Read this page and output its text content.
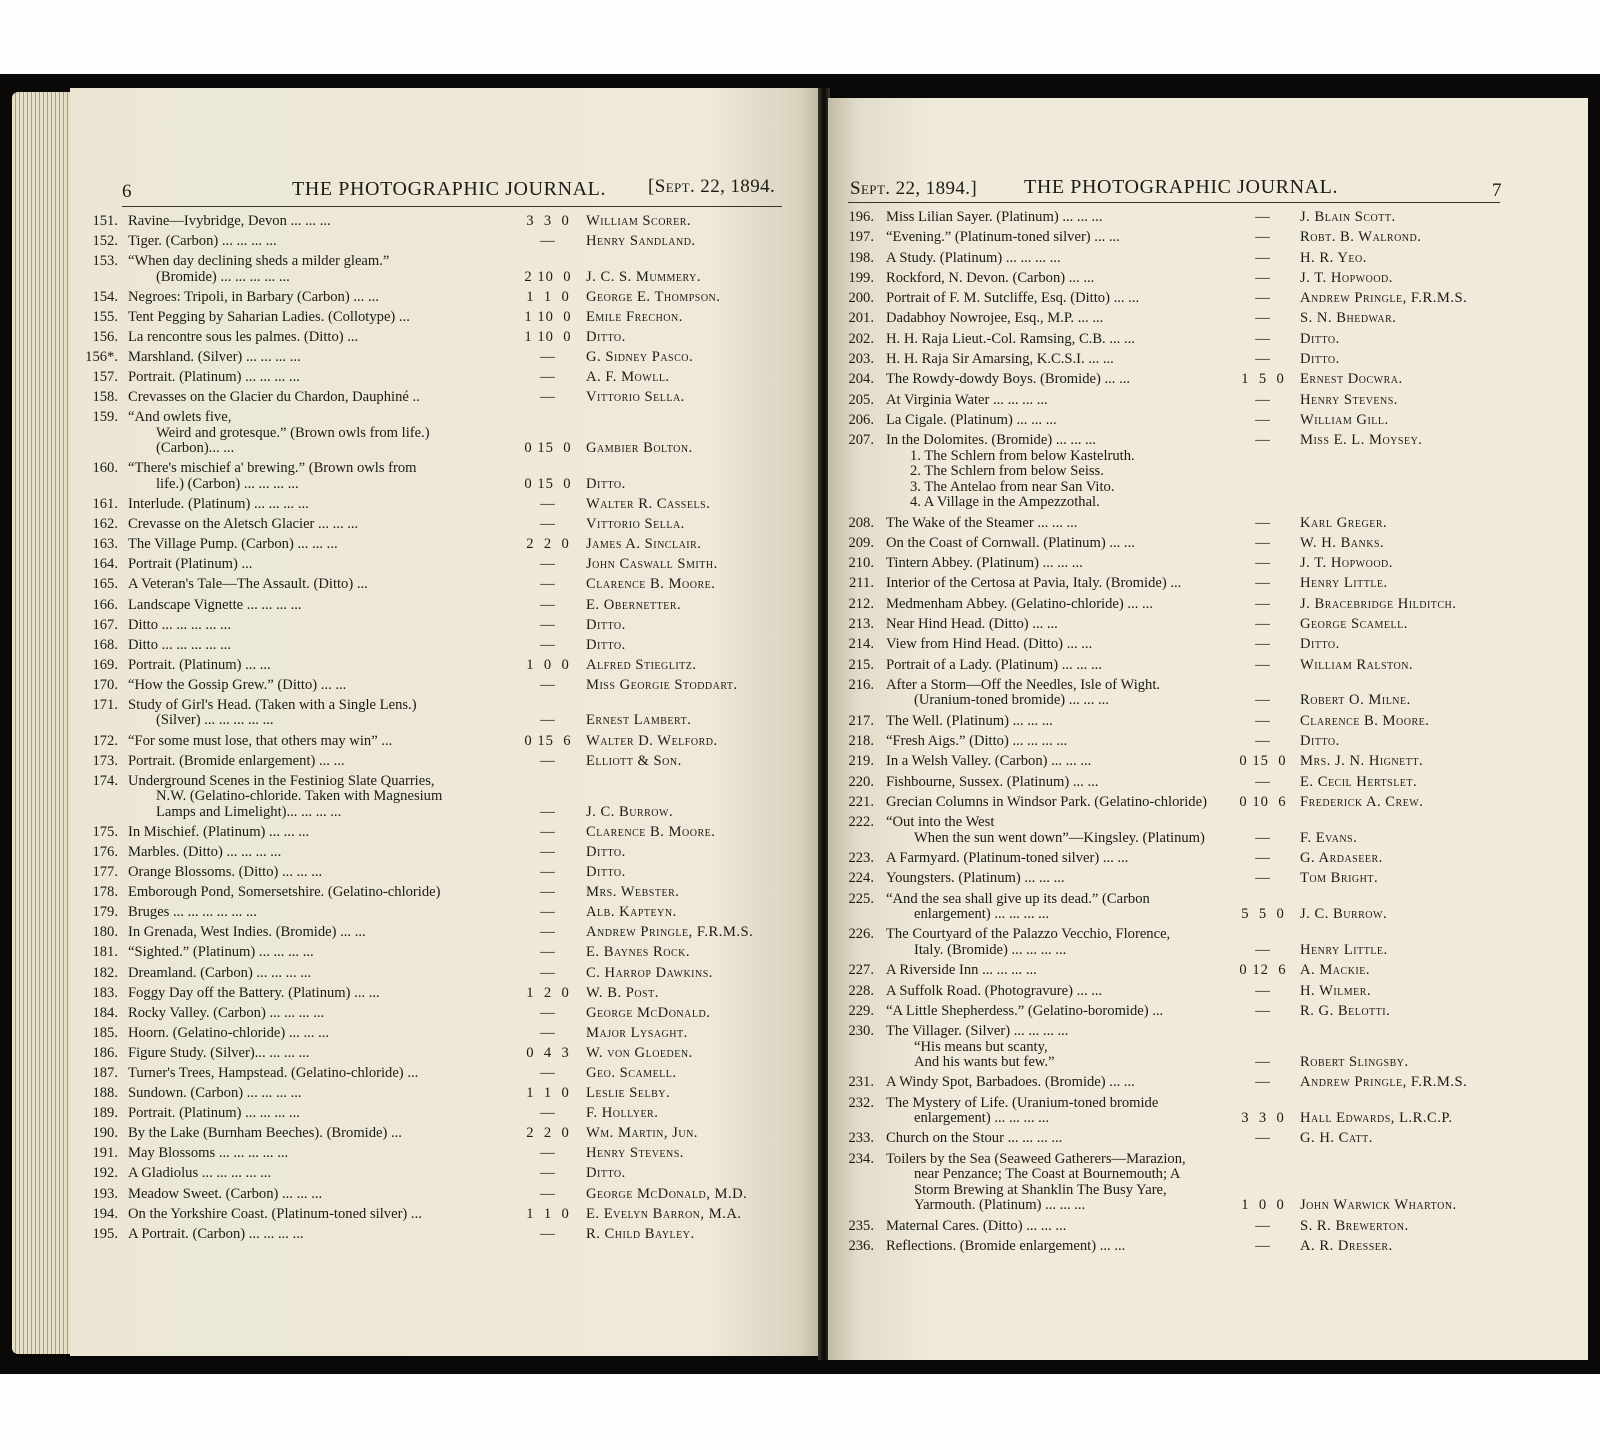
6	THE PHOTOGRAPHIC JOURNAL. [Sept. 22, 1894.
151. Ravine—Ivybridge, Devon ... ... ...	3  3  0	William Scorer.
152. Tiger. (Carbon) ... ... ... ...	—	Henry Sandland.
153. “When day declining sheds a milder gleam.”
(Bromide) ... ... ... ... ...	2 10  0 J. C. S. Mummery.
154. Negroes: Tripoli, in Barbary (Carbon) ... ...	1  1  0	George E. Thompson.
155. Tent Pegging by Saharian Ladies. (Collotype) ...	1 10  0 Emile Frechon.
156. La rencontre sous les palmes. (Ditto) ...	1 10  0 Ditto.
156*. Marshland. (Silver) ... ... ... ...	—	G. Sidney Pasco.
157. Portrait. (Platinum) ... ... ... ...	—	A. F. Mowll.
158. Crevasses on the Glacier du Chardon, Dauphiné ..	—	Vittorio Sella.
159. “And owlets five,
Weird and grotesque.” (Brown owls from life.)
(Carbon)... ...	0 15  0 Gambier Bolton.
160. “There's mischief a' brewing.” (Brown owls from
life.) (Carbon) ... ... ... ...	0 15  0 Ditto.
161. Interlude. (Platinum) ... ... ... ...	—	Walter R. Cassels.
162. Crevasse on the Aletsch Glacier ... ... ...	—	Vittorio Sella.
163. The Village Pump. (Carbon) ... ... ...	2  2  0	James A. Sinclair.
164. Portrait (Platinum) ...	—	John Caswall Smith.
165. A Veteran's Tale—The Assault. (Ditto) ...	—	Clarence B. Moore.
166. Landscape Vignette ... ... ... ...	—	E. Obernetter.
167. Ditto ... ... ... ... ...	—	Ditto.
168. Ditto ... ... ... ... ...	—	Ditto.
169. Portrait. (Platinum) ... ...	1  0  0	Alfred Stieglitz.
170. “How the Gossip Grew.” (Ditto) ... ...	—	Miss Georgie Stoddart.
171. Study of Girl's Head. (Taken with a Single Lens.)
(Silver) ... ... ... ... ...	—	Ernest Lambert.
172. “For some must lose, that others may win” ...	0 15  6 Walter D. Welford.
173. Portrait. (Bromide enlargement) ... ...	—	Elliott & Son.
174. Underground Scenes in the Festiniog Slate Quarries,
N.W. (Gelatino-chloride. Taken with Magnesium
Lamps and Limelight)... ... ... ...	—	J. C. Burrow.
175. In Mischief. (Platinum) ... ... ...	—	Clarence B. Moore.
176. Marbles. (Ditto) ... ... ... ...	—	Ditto.
177. Orange Blossoms. (Ditto) ... ... ...	—	Ditto.
178. Emborough Pond, Somersetshire. (Gelatino-chloride)	—	Mrs. Webster.
179. Bruges ... ... ... ... ... ...	—	Alb. Kapteyn.
180. In Grenada, West Indies. (Bromide) ... ...	—	Andrew Pringle, F.R.M.S.
181. “Sighted.” (Platinum) ... ... ... ...	—	E. Baynes Rock.
182. Dreamland. (Carbon) ... ... ... ...	—	C. Harrop Dawkins.
183. Foggy Day off the Battery. (Platinum) ... ...	1  2  0	W. B. Post.
184. Rocky Valley. (Carbon) ... ... ... ...	—	George McDonald.
185. Hoorn. (Gelatino-chloride) ... ... ...	—	Major Lysaght.
186. Figure Study. (Silver)... ... ... ...	0  4  3	W. von Gloeden.
187. Turner's Trees, Hampstead. (Gelatino-chloride) ...	—	Geo. Scamell.
188. Sundown. (Carbon) ... ... ... ...	1  1  0	Leslie Selby.
189. Portrait. (Platinum) ... ... ... ...	—	F. Hollyer.
190. By the Lake (Burnham Beeches). (Bromide) ...	2  2  0	Wm. Martin, Jun.
191. May Blossoms ... ... ... ... ...	—	Henry Stevens.
192. A Gladiolus ... ... ... ... ...	—	Ditto.
193. Meadow Sweet. (Carbon) ... ... ...	—	George McDonald, M.D.
194. On the Yorkshire Coast. (Platinum-toned silver) ...	1  1  0	E. Evelyn Barron, M.A.
195. A Portrait. (Carbon) ... ... ... ...	—	R. Child Bayley.
Sept. 22, 1894.] THE PHOTOGRAPHIC JOURNAL.	7
196. Miss Lilian Sayer. (Platinum) ... ... ...	—	J. Blain Scott.
197. “Evening.” (Platinum-toned silver) ... ...	—	Robt. B. Walrond.
198. A Study. (Platinum) ... ... ... ...	—	H. R. Yeo.
199. Rockford, N. Devon. (Carbon) ... ...	—	J. T. Hopwood.
200. Portrait of F. M. Sutcliffe, Esq. (Ditto) ... ...	—	Andrew Pringle, F.R.M.S.
201. Dadabhoy Nowrojee, Esq., M.P. ... ...	—	S. N. Bhedwar.
202. H. H. Raja Lieut.-Col. Ramsing, C.B. ... ...	—	Ditto.
203. H. H. Raja Sir Amarsing, K.C.S.I. ... ...	—	Ditto.
204. The Rowdy-dowdy Boys. (Bromide) ... ...	1  5  0	Ernest Docwra.
205. At Virginia Water ... ... ... ...	—	Henry Stevens.
206. La Cigale. (Platinum) ... ... ...	—	William Gill.
207. In the Dolomites. (Bromide) ... ... ...
1. The Schlern from below Kastelruth.
2. The Schlern from below Seiss.
3. The Antelao from near San Vito.
4. A Village in the Ampezzothal.
—	Miss E. L. Moysey.
208. The Wake of the Steamer ... ... ...	—	Karl Greger.
209. On the Coast of Cornwall. (Platinum) ... ...	—	W. H. Banks.
210. Tintern Abbey. (Platinum) ... ... ...	—	J. T. Hopwood.
211. Interior of the Certosa at Pavia, Italy. (Bromide) ...	—	Henry Little.
212. Medmenham Abbey. (Gelatino-chloride) ... ...	—	J. Bracebridge Hilditch.
213. Near Hind Head. (Ditto) ... ...	—	George Scamell.
214. View from Hind Head. (Ditto) ... ...	—	Ditto.
215. Portrait of a Lady. (Platinum) ... ... ...	—	William Ralston.
216. After a Storm—Off the Needles, Isle of Wight.
(Uranium-toned bromide) ... ... ...	—	Robert O. Milne.
217. The Well. (Platinum) ... ... ...	—	Clarence B. Moore.
218. “Fresh Aigs.” (Ditto) ... ... ... ...	—	Ditto.
219. In a Welsh Valley. (Carbon) ... ... ...	0 15  0 Mrs. J. N. Hignett.
220. Fishbourne, Sussex. (Platinum) ... ...	—	E. Cecil Hertslet.
221. Grecian Columns in Windsor Park. (Gelatino-chloride)	0 10  6 Frederick A. Crew.
222. “Out into the West
When the sun went down”—Kingsley. (Platinum)	—	F. Evans.
223. A Farmyard. (Platinum-toned silver) ... ...	—	G. Ardaseer.
224. Youngsters. (Platinum) ... ... ...	—	Tom Bright.
225. “And the sea shall give up its dead.” (Carbon
enlargement) ... ... ... ...	5  5  0	J. C. Burrow.
226. The Courtyard of the Palazzo Vecchio, Florence,
Italy. (Bromide) ... ... ... ...	—	Henry Little.
227. A Riverside Inn ... ... ... ...	0 12  6 A. Mackie.
228. A Suffolk Road. (Photogravure) ... ...	—	H. Wilmer.
229. “A Little Shepherdess.” (Gelatino-boromide) ...	—	R. G. Belotti.
230. The Villager. (Silver) ... ... ... ...
“His means but scanty,
And his wants but few.”	—	Robert Slingsby.
231. A Windy Spot, Barbadoes. (Bromide) ... ...	—	Andrew Pringle, F.R.M.S.
232. The Mystery of Life. (Uranium-toned bromide
enlargement) ... ... ... ...	3  3  0	Hall Edwards, L.R.C.P.
233. Church on the Stour ... ... ... ...	—	G. H. Catt.
234. Toilers by the Sea (Seaweed Gatherers—Marazion,
near Penzance; The Coast at Bournemouth; A
Storm Brewing at Shanklin The Busy Yare,
Yarmouth. (Platinum) ... ... ...	1  0  0	John Warwick Wharton.
235. Maternal Cares. (Ditto) ... ... ...	—	S. R. Brewerton.
236. Reflections. (Bromide enlargement) ... ...	—	A. R. Dresser.
